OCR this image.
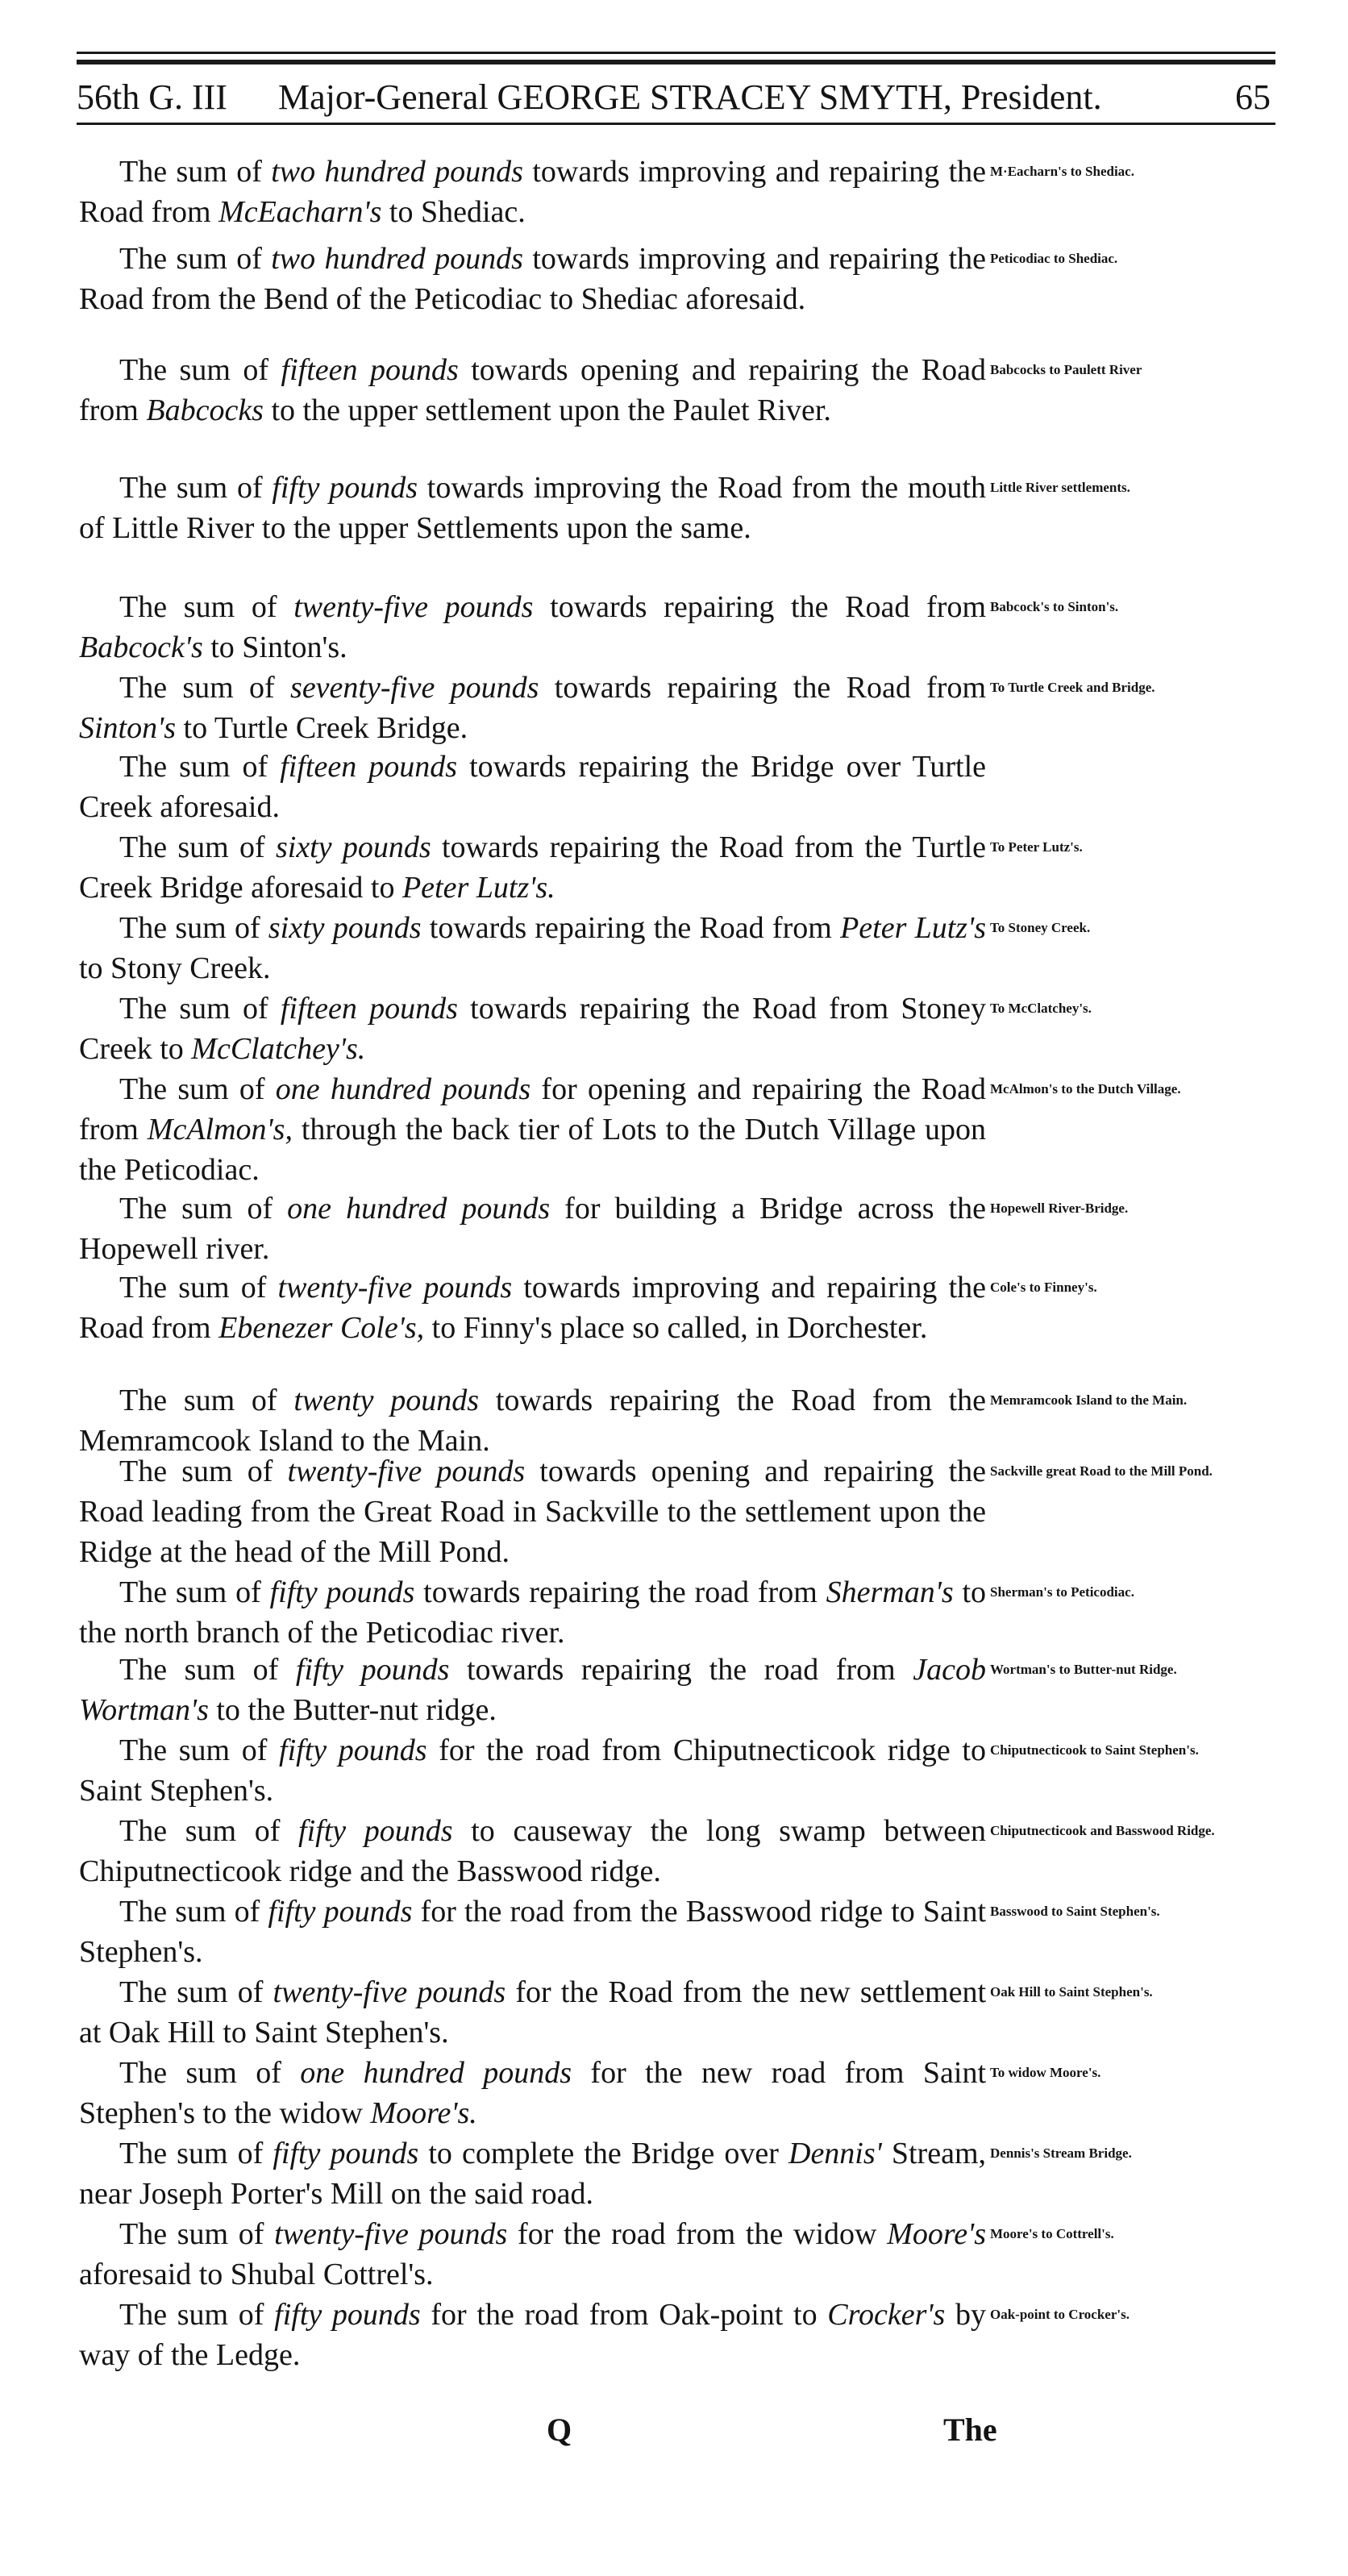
56th G. III Major-General GEORGE STRACEY SMYTH, President.	65
The sum of two hundred pounds towards improving and repairing the Road from McEacharn's to Shediac.
M·Eacharn's to Shediac.
The sum of two hundred pounds towards improving and repairing the Road from the Bend of the Peticodiac to Shediac aforesaid.
Peticodiac to Shediac.
The sum of fifteen pounds towards opening and repairing the Road from Babcocks to the upper settlement upon the Paulet River.
Babcocks to Paulett River
The sum of fifty pounds towards improving the Road from the mouth of Little River to the upper Settlements upon the same.
Little River settlements.
The sum of twenty-five pounds towards repairing the Road from Babcock's to Sinton's.
Babcock's to Sinton's.
The sum of seventy-five pounds towards repairing the Road from Sinton's to Turtle Creek Bridge.
To Turtle Creek and Bridge.
The sum of fifteen pounds towards repairing the Bridge over Turtle Creek aforesaid.
The sum of sixty pounds towards repairing the Road from the Turtle Creek Bridge aforesaid to Peter Lutz's.
To Peter Lutz's.
The sum of sixty pounds towards repairing the Road from Peter Lutz's to Stony Creek.
To Stoney Creek.
The sum of fifteen pounds towards repairing the Road from Stoney Creek to McClatchey's.
To McClatchey's.
The sum of one hundred pounds for opening and repairing the Road from McAlmon's, through the back tier of Lots to the Dutch Village upon the Peticodiac.
McAlmon's to the Dutch Village.
The sum of one hundred pounds for building a Bridge across the Hopewell river.
Hopewell River-Bridge.
The sum of twenty-five pounds towards improving and repairing the Road from Ebenezer Cole's, to Finny's place so called, in Dorchester.
Cole's to Finney's.
The sum of twenty pounds towards repairing the Road from the Memramcook Island to the Main.
Memramcook Island to the Main.
The sum of twenty-five pounds towards opening and repairing the Road leading from the Great Road in Sackville to the settlement upon the Ridge at the head of the Mill Pond.
Sackville great Road to the Mill Pond.
The sum of fifty pounds towards repairing the road from Sherman's to the north branch of the Peticodiac river.
Sherman's to Peticodiac.
The sum of fifty pounds towards repairing the road from Jacob Wortman's to the Butter-nut ridge.
Wortman's to Butter-nut Ridge.
The sum of fifty pounds for the road from Chiputnecticook ridge to Saint Stephen's.
Chiputnecticook to Saint Stephen's.
The sum of fifty pounds to causeway the long swamp between Chiputnecticook ridge and the Basswood ridge.
Chiputnecticook and Basswood Ridge.
The sum of fifty pounds for the road from the Basswood ridge to Saint Stephen's.
Basswood to Saint Stephen's.
The sum of twenty-five pounds for the Road from the new settlement at Oak Hill to Saint Stephen's.
Oak Hill to Saint Stephen's.
The sum of one hundred pounds for the new road from Saint Stephen's to the widow Moore's.
To widow Moore's.
The sum of fifty pounds to complete the Bridge over Dennis' Stream, near Joseph Porter's Mill on the said road.
Dennis's Stream Bridge.
The sum of twenty-five pounds for the road from the widow Moore's aforesaid to Shubal Cottrel's.
Moore's to Cottrell's.
The sum of fifty pounds for the road from Oak-point to Crocker's by way of the Ledge.
Oak-point to Crocker's.
Q	The
